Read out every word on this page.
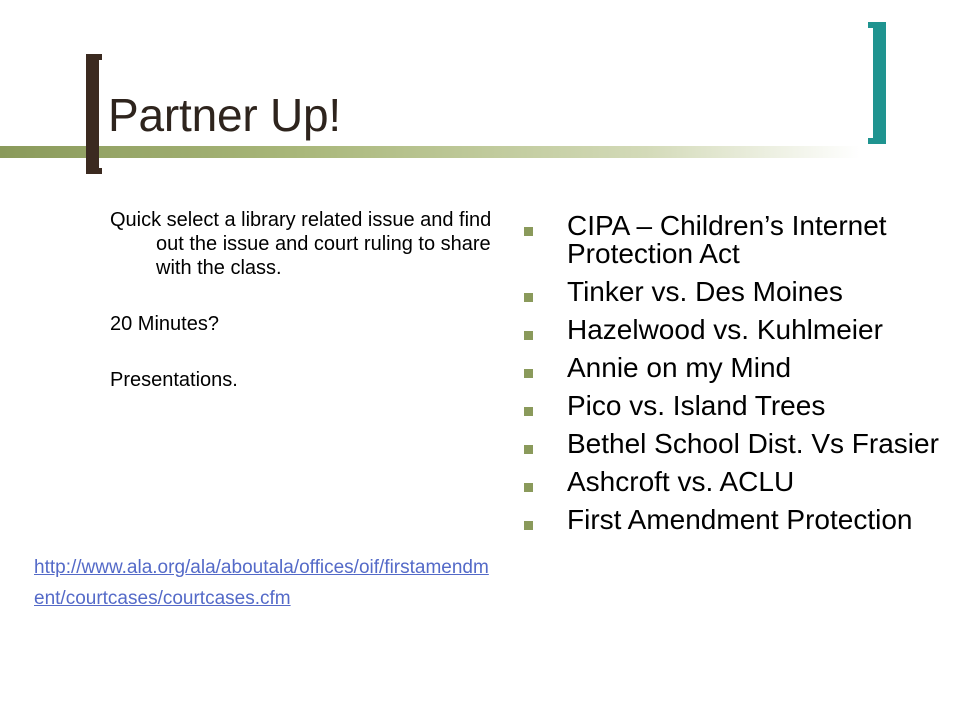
Partner Up!

Quick select a library related issue and find out the issue and court ruling to share with the class.

20 Minutes?

Presentations.

http://www.ala.org/ala/aboutala/offices/oif/firstamendment/courtcases/courtcases.cfm
CIPA – Children’s Internet Protection Act
Tinker vs. Des Moines
Hazelwood vs. Kuhlmeier
Annie on my Mind
Pico vs. Island Trees
Bethel School Dist. Vs Frasier
Ashcroft vs. ACLU
First Amendment Protection
